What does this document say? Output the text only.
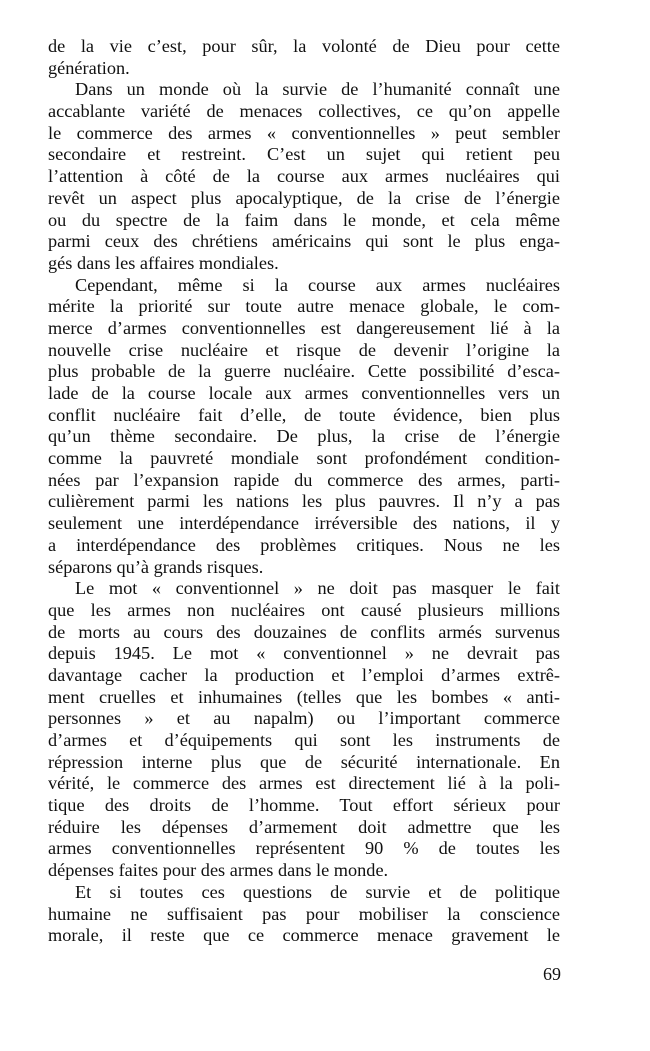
de la vie c’est, pour sûr, la volonté de Dieu pour cette
génération.
Dans un monde où la survie de l’humanité connaît une
accablante variété de menaces collectives, ce qu’on appelle
le commerce des armes « conventionnelles » peut sembler
secondaire et restreint. C’est un sujet qui retient peu
l’attention à côté de la course aux armes nucléaires qui
revêt un aspect plus apocalyptique, de la crise de l’énergie
ou du spectre de la faim dans le monde, et cela même
parmi ceux des chrétiens américains qui sont le plus enga-
gés dans les affaires mondiales.
Cependant, même si la course aux armes nucléaires
mérite la priorité sur toute autre menace globale, le com-
merce d’armes conventionnelles est dangereusement lié à la
nouvelle crise nucléaire et risque de devenir l’origine la
plus probable de la guerre nucléaire. Cette possibilité d’esca-
lade de la course locale aux armes conventionnelles vers un
conflit nucléaire fait d’elle, de toute évidence, bien plus
qu’un thème secondaire. De plus, la crise de l’énergie
comme la pauvreté mondiale sont profondément condition-
nées par l’expansion rapide du commerce des armes, parti-
culièrement parmi les nations les plus pauvres. Il n’y a pas
seulement une interdépendance irréversible des nations, il y
a interdépendance des problèmes critiques. Nous ne les
séparons qu’à grands risques.
Le mot « conventionnel » ne doit pas masquer le fait
que les armes non nucléaires ont causé plusieurs millions
de morts au cours des douzaines de conflits armés survenus
depuis 1945. Le mot « conventionnel » ne devrait pas
davantage cacher la production et l’emploi d’armes extrê-
ment cruelles et inhumaines (telles que les bombes « anti-
personnes » et au napalm) ou l’important commerce
d’armes et d’équipements qui sont les instruments de
répression interne plus que de sécurité internationale. En
vérité, le commerce des armes est directement lié à la poli-
tique des droits de l’homme. Tout effort sérieux pour
réduire les dépenses d’armement doit admettre que les
armes conventionnelles représentent 90 % de toutes les
dépenses faites pour des armes dans le monde.
Et si toutes ces questions de survie et de politique
humaine ne suffisaient pas pour mobiliser la conscience
morale, il reste que ce commerce menace gravement le
69
